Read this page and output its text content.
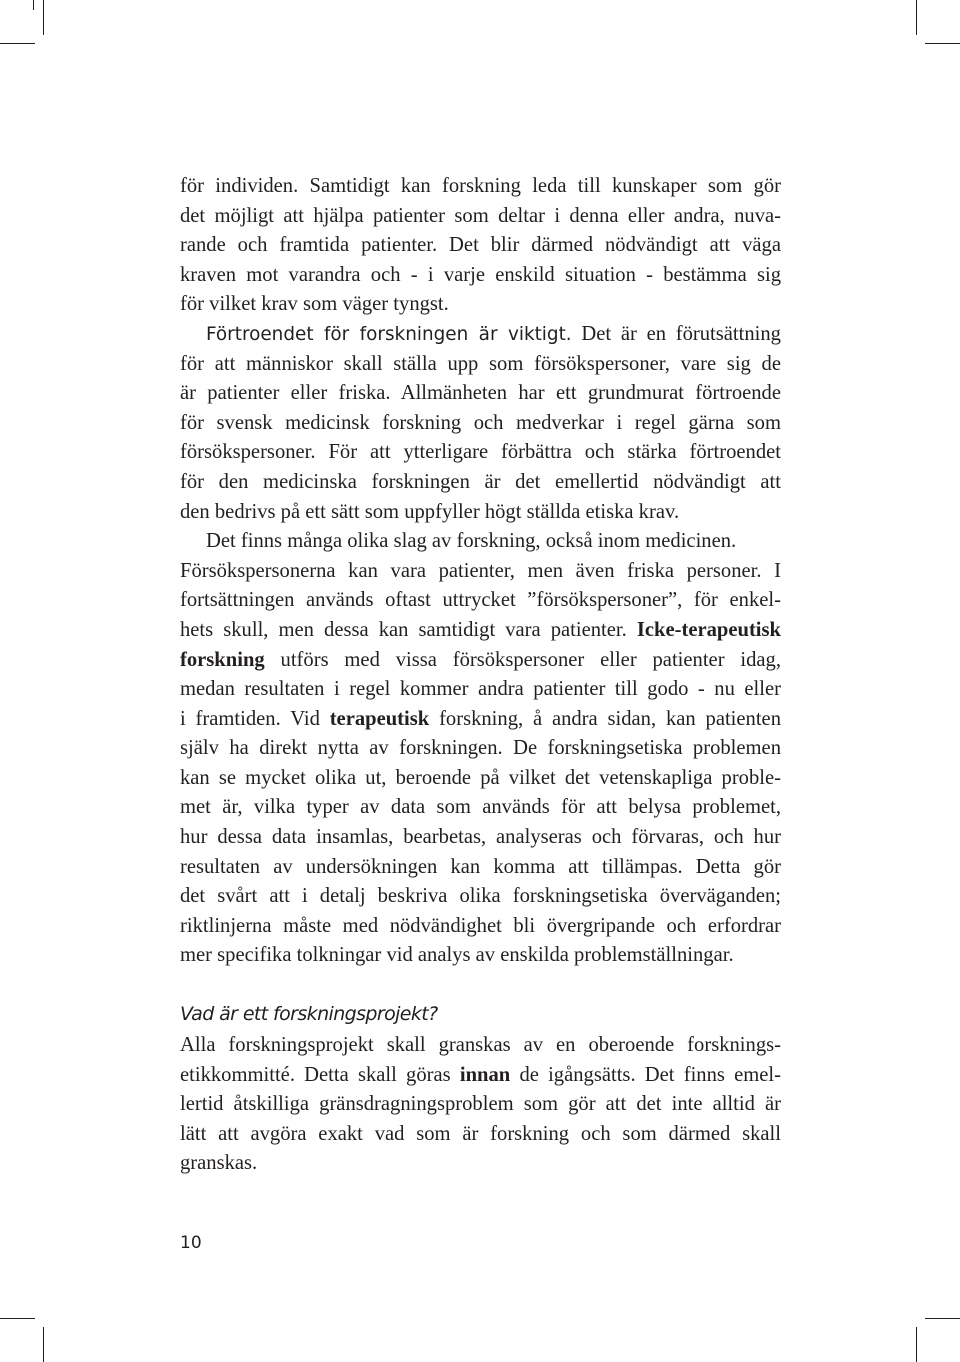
för individen. Samtidigt kan forskning leda till kunskaper som gör
det möjligt att hjälpa patienter som deltar i denna eller andra, nuva-
rande och framtida patienter. Det blir därmed nödvändigt att väga
kraven mot varandra och - i varje enskild situation - bestämma sig
för vilket krav som väger tyngst.
Förtroendet för forskningen är viktigt. Det är en förutsättning
för att människor skall ställa upp som försökspersoner, vare sig de
är patienter eller friska. Allmänheten har ett grundmurat förtroende
för svensk medicinsk forskning och medverkar i regel gärna som
försökspersoner. För att ytterligare förbättra och stärka förtroendet
för den medicinska forskningen är det emellertid nödvändigt att
den bedrivs på ett sätt som uppfyller högt ställda etiska krav.
Det finns många olika slag av forskning, också inom medicinen.
Försökspersonerna kan vara patienter, men även friska personer. I
fortsättningen används oftast uttrycket ”försökspersoner”, för enkel-
hets skull, men dessa kan samtidigt vara patienter. Icke-terapeutisk
forskning utförs med vissa försökspersoner eller patienter idag,
medan resultaten i regel kommer andra patienter till godo - nu eller
i framtiden. Vid terapeutisk forskning, å andra sidan, kan patienten
själv ha direkt nytta av forskningen. De forskningsetiska problemen
kan se mycket olika ut, beroende på vilket det vetenskapliga proble-
met är, vilka typer av data som används för att belysa problemet,
hur dessa data insamlas, bearbetas, analyseras och förvaras, och hur
resultaten av undersökningen kan komma att tillämpas. Detta gör
det svårt att i detalj beskriva olika forskningsetiska överväganden;
riktlinjerna måste med nödvändighet bli övergripande och erfordrar
mer specifika tolkningar vid analys av enskilda problemställningar.
Vad är ett forskningsprojekt?
Alla forskningsprojekt skall granskas av en oberoende forsknings-
etikkommitté. Detta skall göras innan de igångsätts. Det finns emel-
lertid åtskilliga gränsdragningsproblem som gör att det inte alltid är
lätt att avgöra exakt vad som är forskning och som därmed skall
granskas.
10
